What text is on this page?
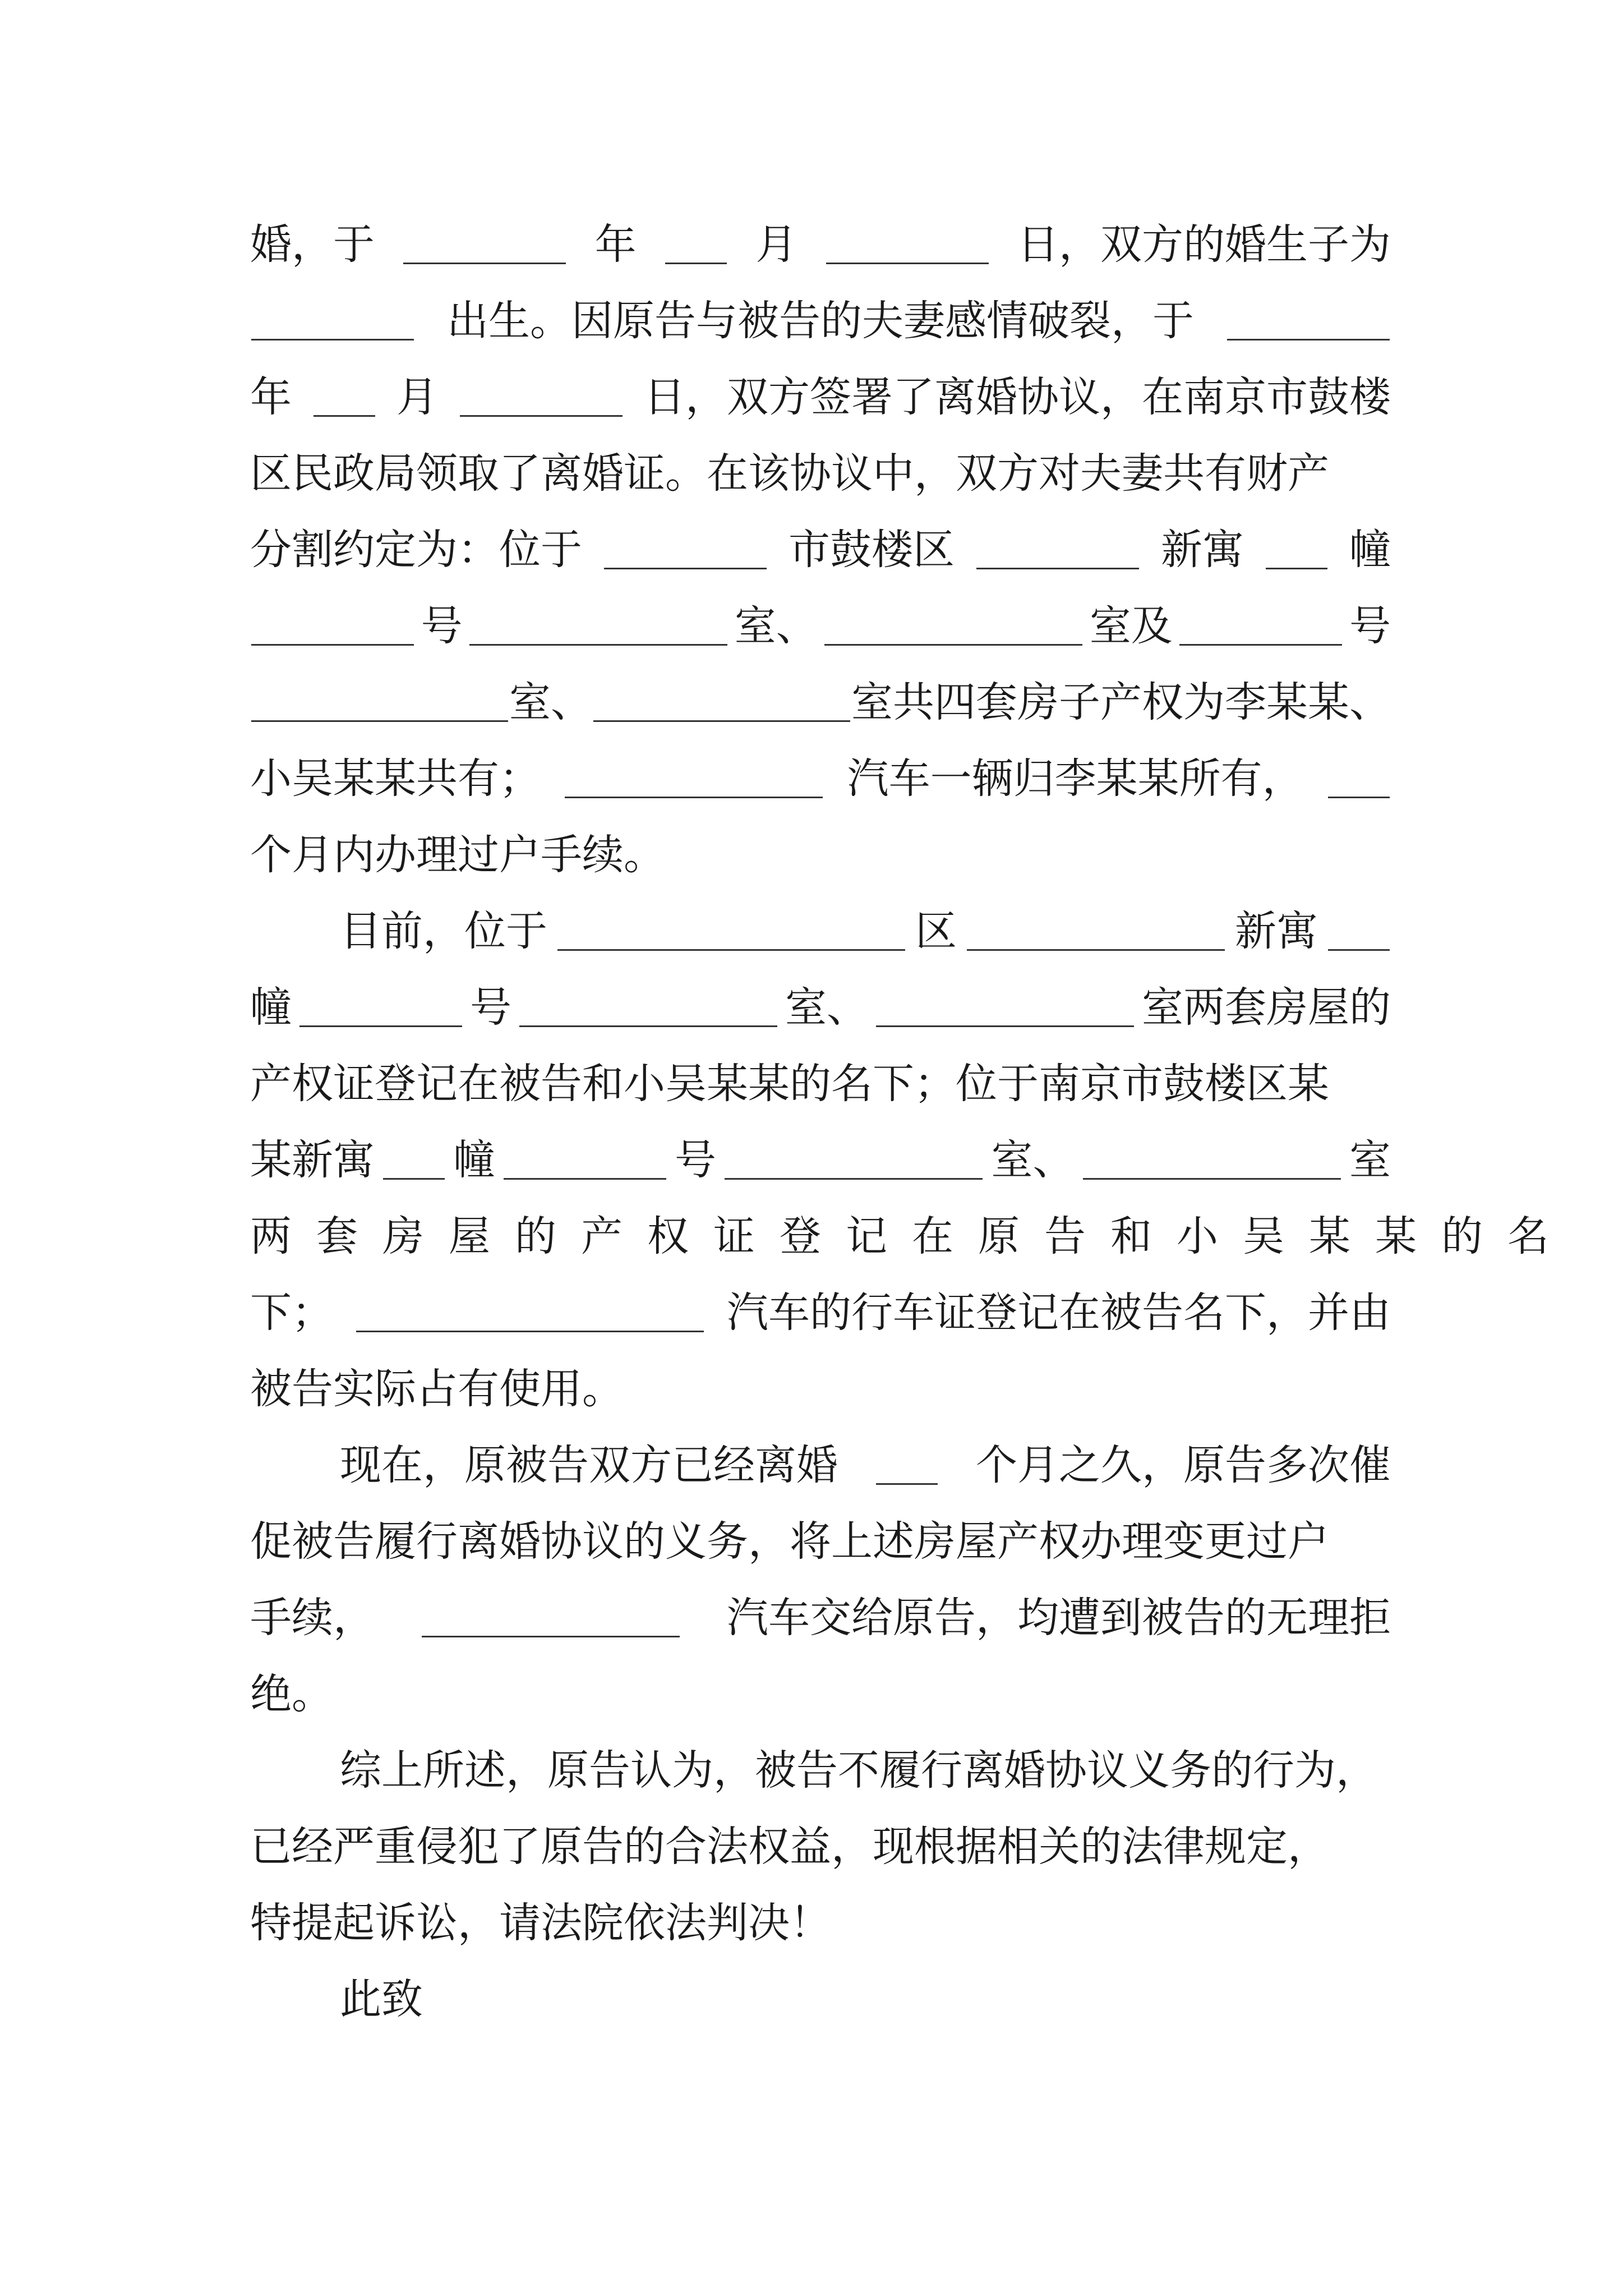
婚，于	年	月	日，双方的婚生子为
出生。因原告与被告的夫妻感情破裂，于
年	月	日，双方签署了离婚协议，在南京市鼓楼
区民政局领取了离婚证。在该协议中，双方对夫妻共有财产
分割约定为：位于	市鼓楼区	新寓	幢
号	室、	室及	号
室、	室共四套房子产权为李某某、
小吴某某共有；	汽车一辆归李某某所有，
个月内办理过户手续。
目前，位于	区	新寓
幢	号	室、	室两套房屋的
产权证登记在被告和小吴某某的名下；位于南京市鼓楼区某
某新寓 幢	号	室、	室
两套房屋的产权证登记在原告和小吴某某的名
下；	汽车的行车证登记在被告名下，并由
被告实际占有使用。
现在，原被告双方已经离婚	个月之久，原告多次催
促被告履行离婚协议的义务，将上述房屋产权办理变更过户
手续，	汽车交给原告，均遭到被告的无理拒
绝。
综上所述，原告认为，被告不履行离婚协议义务的行为，
已经严重侵犯了原告的合法权益，现根据相关的法律规定，
特提起诉讼，请法院依法判决！
此致
